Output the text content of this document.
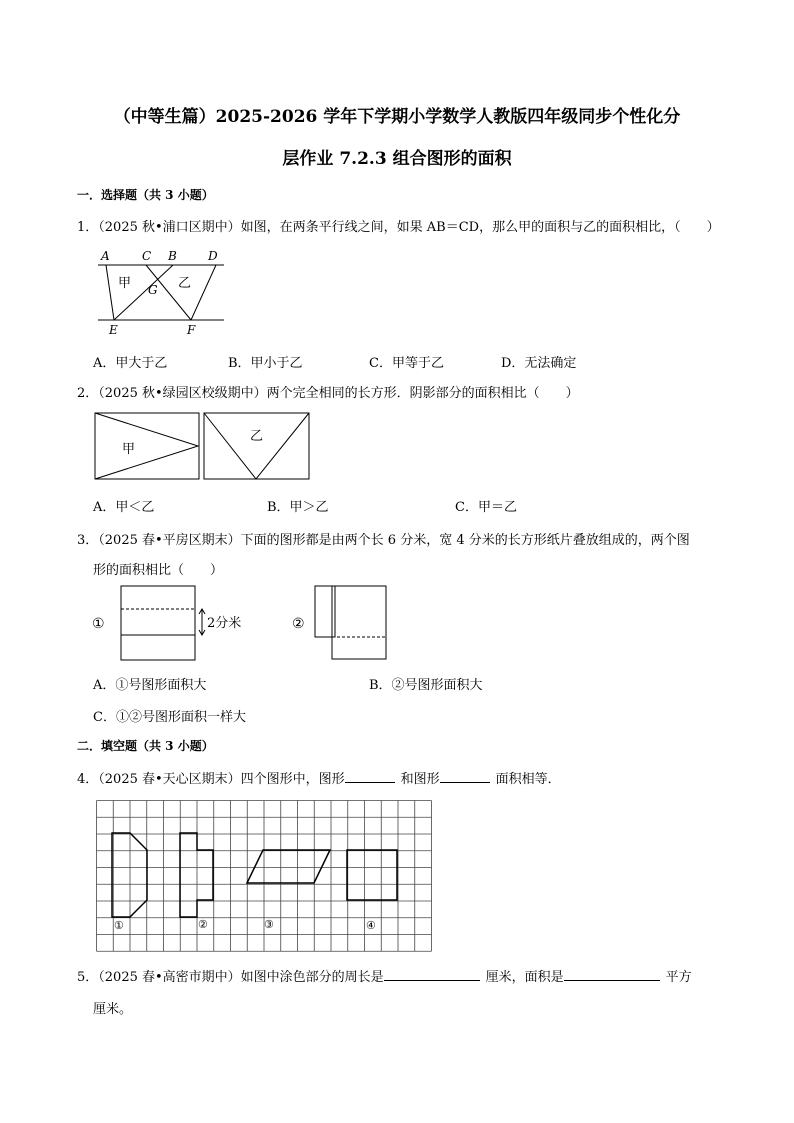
（中等生篇）2025-2026 学年下学期小学数学人教版四年级同步个性化分
层作业 7.2.3 组合图形的面积
一．选择题（共 3 小题）
1．（2025 秋•浦口区期中）如图，在两条平行线之间，如果 AB＝CD，那么甲的面积与乙的面积相比，（　　）
A	C B	D
G
E	F
甲	乙
A．甲大于乙	B．甲小于乙	C．甲等于乙	D．无法确定
2．（2025 秋•绿园区校级期中）两个完全相同的长方形．阴影部分的面积相比（　　）
甲
乙
A．甲＜乙	B．甲＞乙	C．甲＝乙
3．（2025 春•平房区期末）下面的图形都是由两个长 6 分米，宽 4 分米的长方形纸片叠放组成的，两个图
形的面积相比（　　）
①	2分米	②
A．①号图形面积大	B．②号图形面积大
C．①②号图形面积一样大
二．填空题（共 3 小题）
4．（2025 春•天心区期末）四个图形中，图形	和图形	面积相等．
①	②	③	④
5．（2025 春•高密市期中）如图中涂色部分的周长是	厘米，面积是	平方
厘米。
